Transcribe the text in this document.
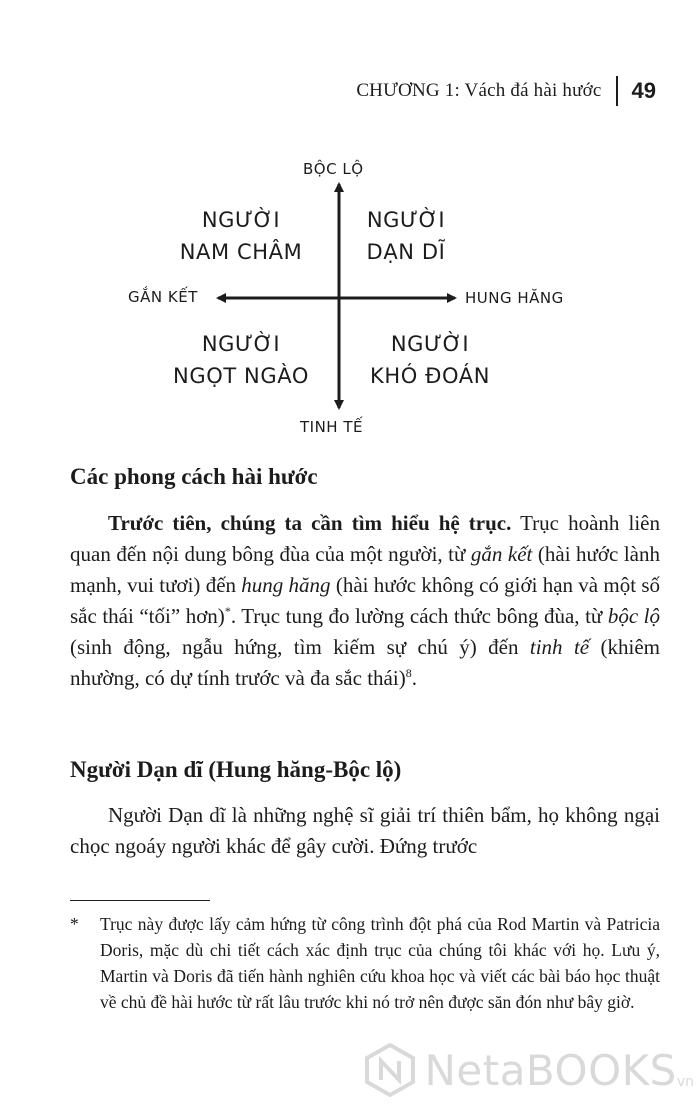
CHƯƠNG 1: Vách đá hài hước 49
BỘC LỘ
TINH TẾ
GẮN KẾT	HUNG HĂNG
NGƯỜI
NAM CHÂM
NGƯỜI
DẠN DĨ
NGƯỜI
NGỌT NGÀO
NGƯỜI
KHÓ ĐOÁN
Các phong cách hài hước

Trước tiên, chúng ta cần tìm hiểu hệ trục. Trục hoành liên quan đến nội dung bông đùa của một người, từ gắn kết (hài hước lành mạnh, vui tươi) đến hung hăng (hài hước không có giới hạn và một số sắc thái “tối” hơn)*. Trục tung đo lường cách thức bông đùa, từ bộc lộ (sinh động, ngẫu hứng, tìm kiếm sự chú ý) đến tinh tế (khiêm nhường, có dự tính trước và đa sắc thái)$^8$.

Người Dạn dĩ (Hung hăng-Bộc lộ)

Người Dạn dĩ là những nghệ sĩ giải trí thiên bẩm, họ không ngại chọc ngoáy người khác để gây cười. Đứng trước

*	Trục này được lấy cảm hứng từ công trình đột phá của Rod Martin và Patricia Doris, mặc dù chi tiết cách xác định trục của chúng tôi khác với họ. Lưu ý, Martin và Doris đã tiến hành nghiên cứu khoa học và viết các bài báo học thuật về chủ đề hài hước từ rất lâu trước khi nó trở nên được săn đón như bây giờ.
NetaBOOKS vn
